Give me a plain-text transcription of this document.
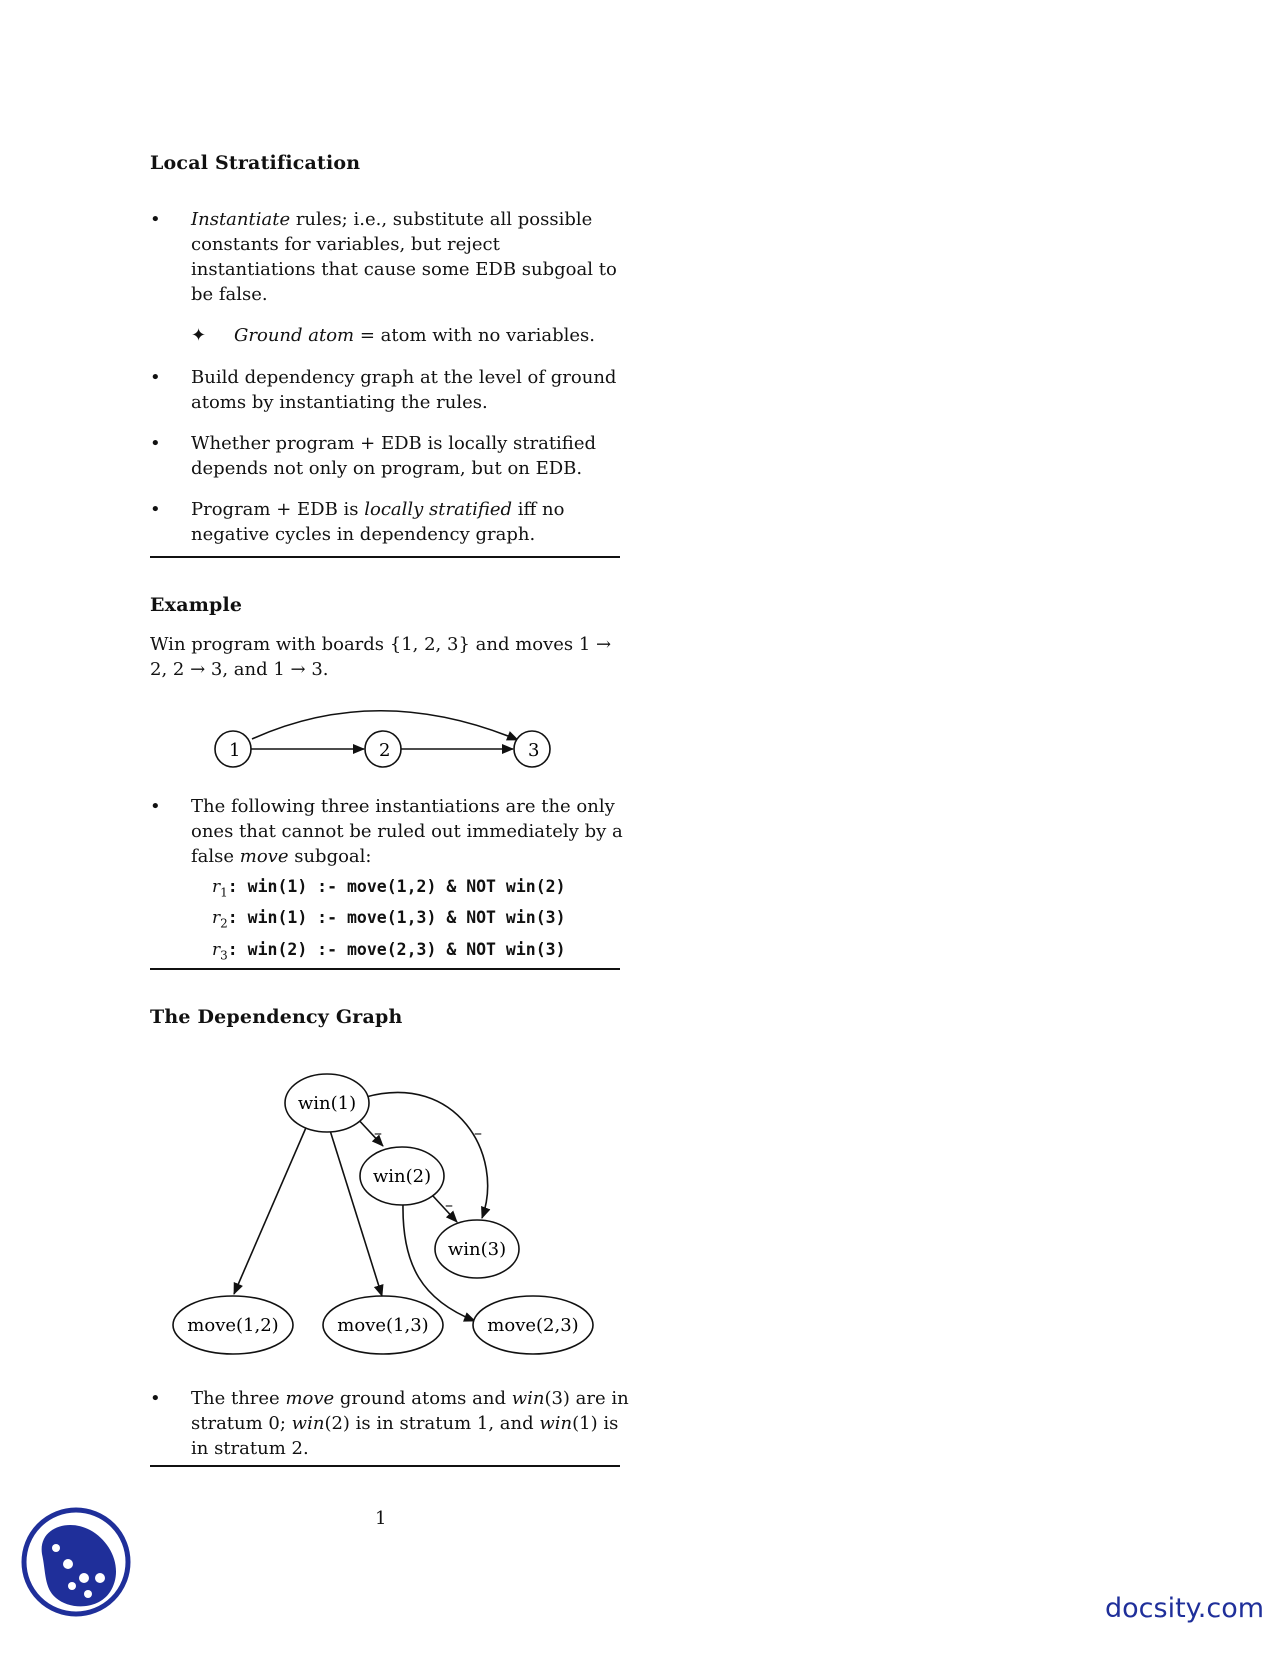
Local Stratification
• Instantiate rules; i.e., substitute all possible constants for variables, but reject instantiations that cause some EDB subgoal to be false.
✦ Ground atom = atom with no variables.
• Build dependency graph at the level of ground atoms by instantiating the rules.
• Whether program + EDB is locally stratified depends not only on program, but on EDB.
• Program + EDB is locally stratified iff no negative cycles in dependency graph.
Example
Win program with boards {1, 2, 3} and moves 1 → 2, 2 → 3, and 1 → 3.
1	2	3
• The following three instantiations are the only ones that cannot be ruled out immediately by a false move subgoal:
$r_1$: win(1) :- move(1,2) & NOT win(2)
$r_2$: win(1) :- move(1,3) & NOT win(3)
$r_3$: win(2) :- move(2,3) & NOT win(3)
The Dependency Graph
–	–
–
win(1)
win(2)
win(3)
move(1,2)	move(1,3)	move(2,3)
• The three move ground atoms and win(3) are in stratum 0; win(2) is in stratum 1, and win(1) is in stratum 2.
1
docsity.com
